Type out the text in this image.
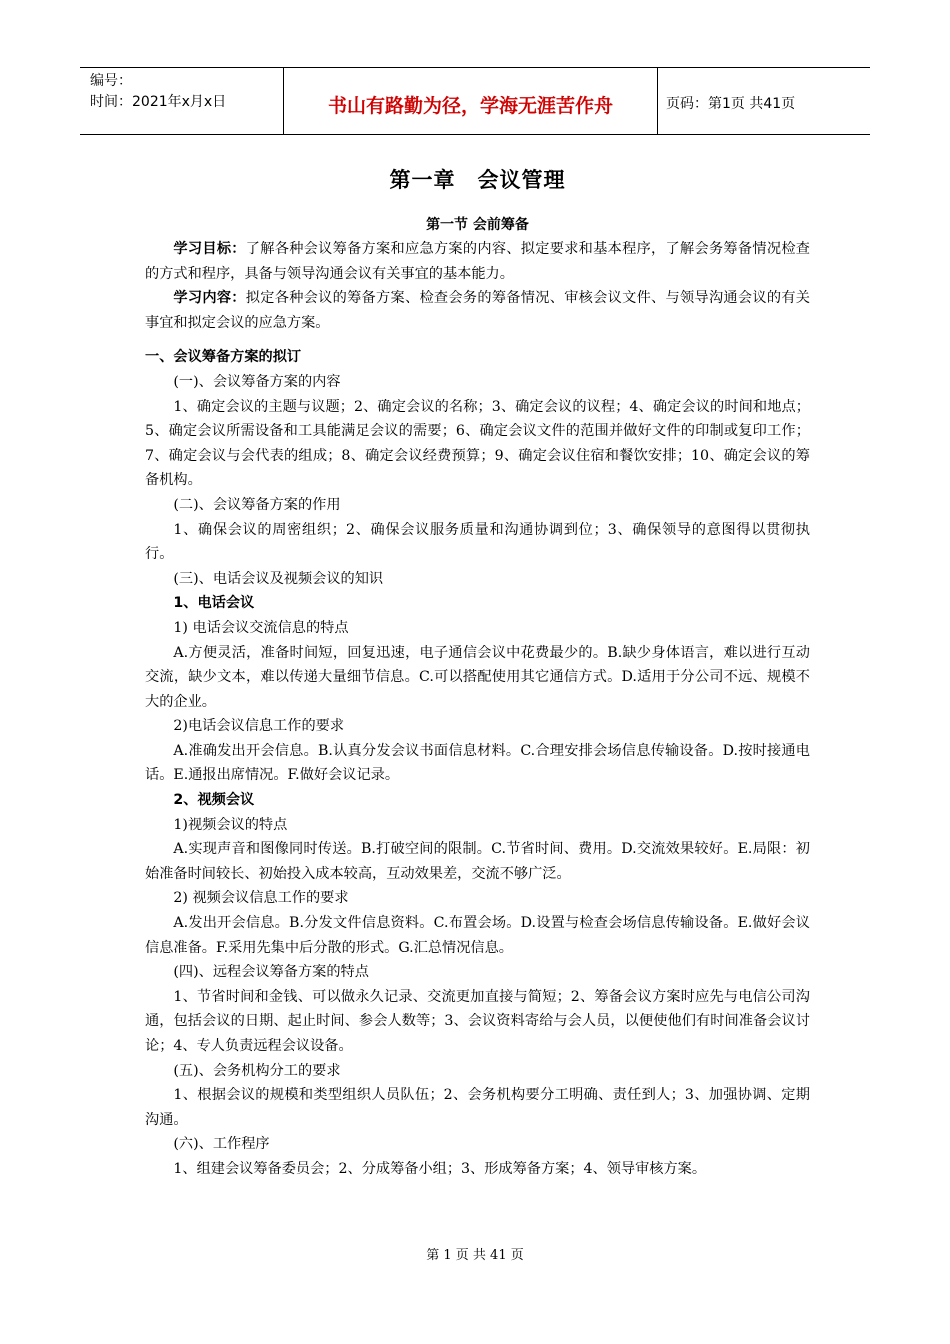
编号：
时间：2021年x月x日	书山有路勤为径，学海无涯苦作舟	页码：第1页 共41页
第一章　会议管理
第一节 会前筹备

学习目标：了解各种会议筹备方案和应急方案的内容、拟定要求和基本程序，了解会务筹备情况检查的方式和程序，具备与领导沟通会议有关事宜的基本能力。

学习内容：拟定各种会议的筹备方案、检查会务的筹备情况、审核会议文件、与领导沟通会议的有关事宜和拟定会议的应急方案。

一、会议筹备方案的拟订

(一)、会议筹备方案的内容

1、确定会议的主题与议题；2、确定会议的名称；3、确定会议的议程；4、确定会议的时间和地点；5、确定会议所需设备和工具能满足会议的需要；6、确定会议文件的范围并做好文件的印制或复印工作；7、确定会议与会代表的组成；8、确定会议经费预算；9、确定会议住宿和餐饮安排；10、确定会议的筹备机构。

(二)、会议筹备方案的作用

1、确保会议的周密组织；2、确保会议服务质量和沟通协调到位；3、确保领导的意图得以贯彻执行。

(三)、电话会议及视频会议的知识

1、电话会议

1) 电话会议交流信息的特点

A.方便灵活，准备时间短，回复迅速，电子通信会议中花费最少的。B.缺少身体语言，难以进行互动交流，缺少文本，难以传递大量细节信息。C.可以搭配使用其它通信方式。D.适用于分公司不远、规模不大的企业。

2)电话会议信息工作的要求

A.准确发出开会信息。B.认真分发会议书面信息材料。C.合理安排会场信息传输设备。D.按时接通电话。E.通报出席情况。F.做好会议记录。

2、视频会议

1)视频会议的特点

A.实现声音和图像同时传送。B.打破空间的限制。C.节省时间、费用。D.交流效果较好。E.局限：初始准备时间较长、初始投入成本较高，互动效果差，交流不够广泛。

2) 视频会议信息工作的要求

A.发出开会信息。B.分发文件信息资料。C.布置会场。D.设置与检查会场信息传输设备。E.做好会议信息准备。F.采用先集中后分散的形式。G.汇总情况信息。

(四)、远程会议筹备方案的特点

1、节省时间和金钱、可以做永久记录、交流更加直接与简短；2、筹备会议方案时应先与电信公司沟通，包括会议的日期、起止时间、参会人数等；3、会议资料寄给与会人员，以便使他们有时间准备会议讨论；4、专人负责远程会议设备。

(五)、会务机构分工的要求

1、根据会议的规模和类型组织人员队伍；2、会务机构要分工明确、责任到人；3、加强协调、定期沟通。

(六)、工作程序

1、组建会议筹备委员会；2、分成筹备小组；3、形成筹备方案；4、领导审核方案。

第 1 页 共 41 页
